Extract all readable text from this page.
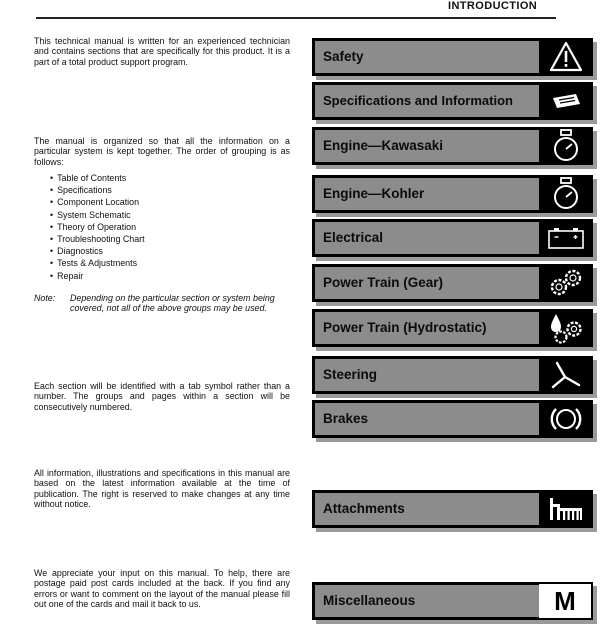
INTRODUCTION

This technical manual is written for an experienced technician and contains sections that are specifically for this product. It is a part of a total product support program.

The manual is organized so that all the information on a particular system is kept together. The order of grouping is as follows:

• Table of Contents
• Specifications
• Component Location
• System Schematic
• Theory of Operation
• Troubleshooting Chart
• Diagnostics
• Tests & Adjustments
• Repair
Note: Depending on the particular section or system being covered, not all of the above groups may be used.

Each section will be identified with a tab symbol rather than a number. The groups and pages within a section will be consecutively numbered.

All information, illustrations and specifications in this manual are based on the latest information available at the time of publication. The right is reserved to make changes at any time without notice.

We appreciate your input on this manual. To help, there are postage paid post cards included at the back. If you find any errors or want to comment on the layout of the manual please fill out one of the cards and mail it back to us.

Safety
Specifications and Information
Engine—Kawasaki
Engine—Kohler
Electrical
Power Train (Gear)
Power Train (Hydrostatic)
Steering
Brakes
Attachments
Miscellaneous	M
